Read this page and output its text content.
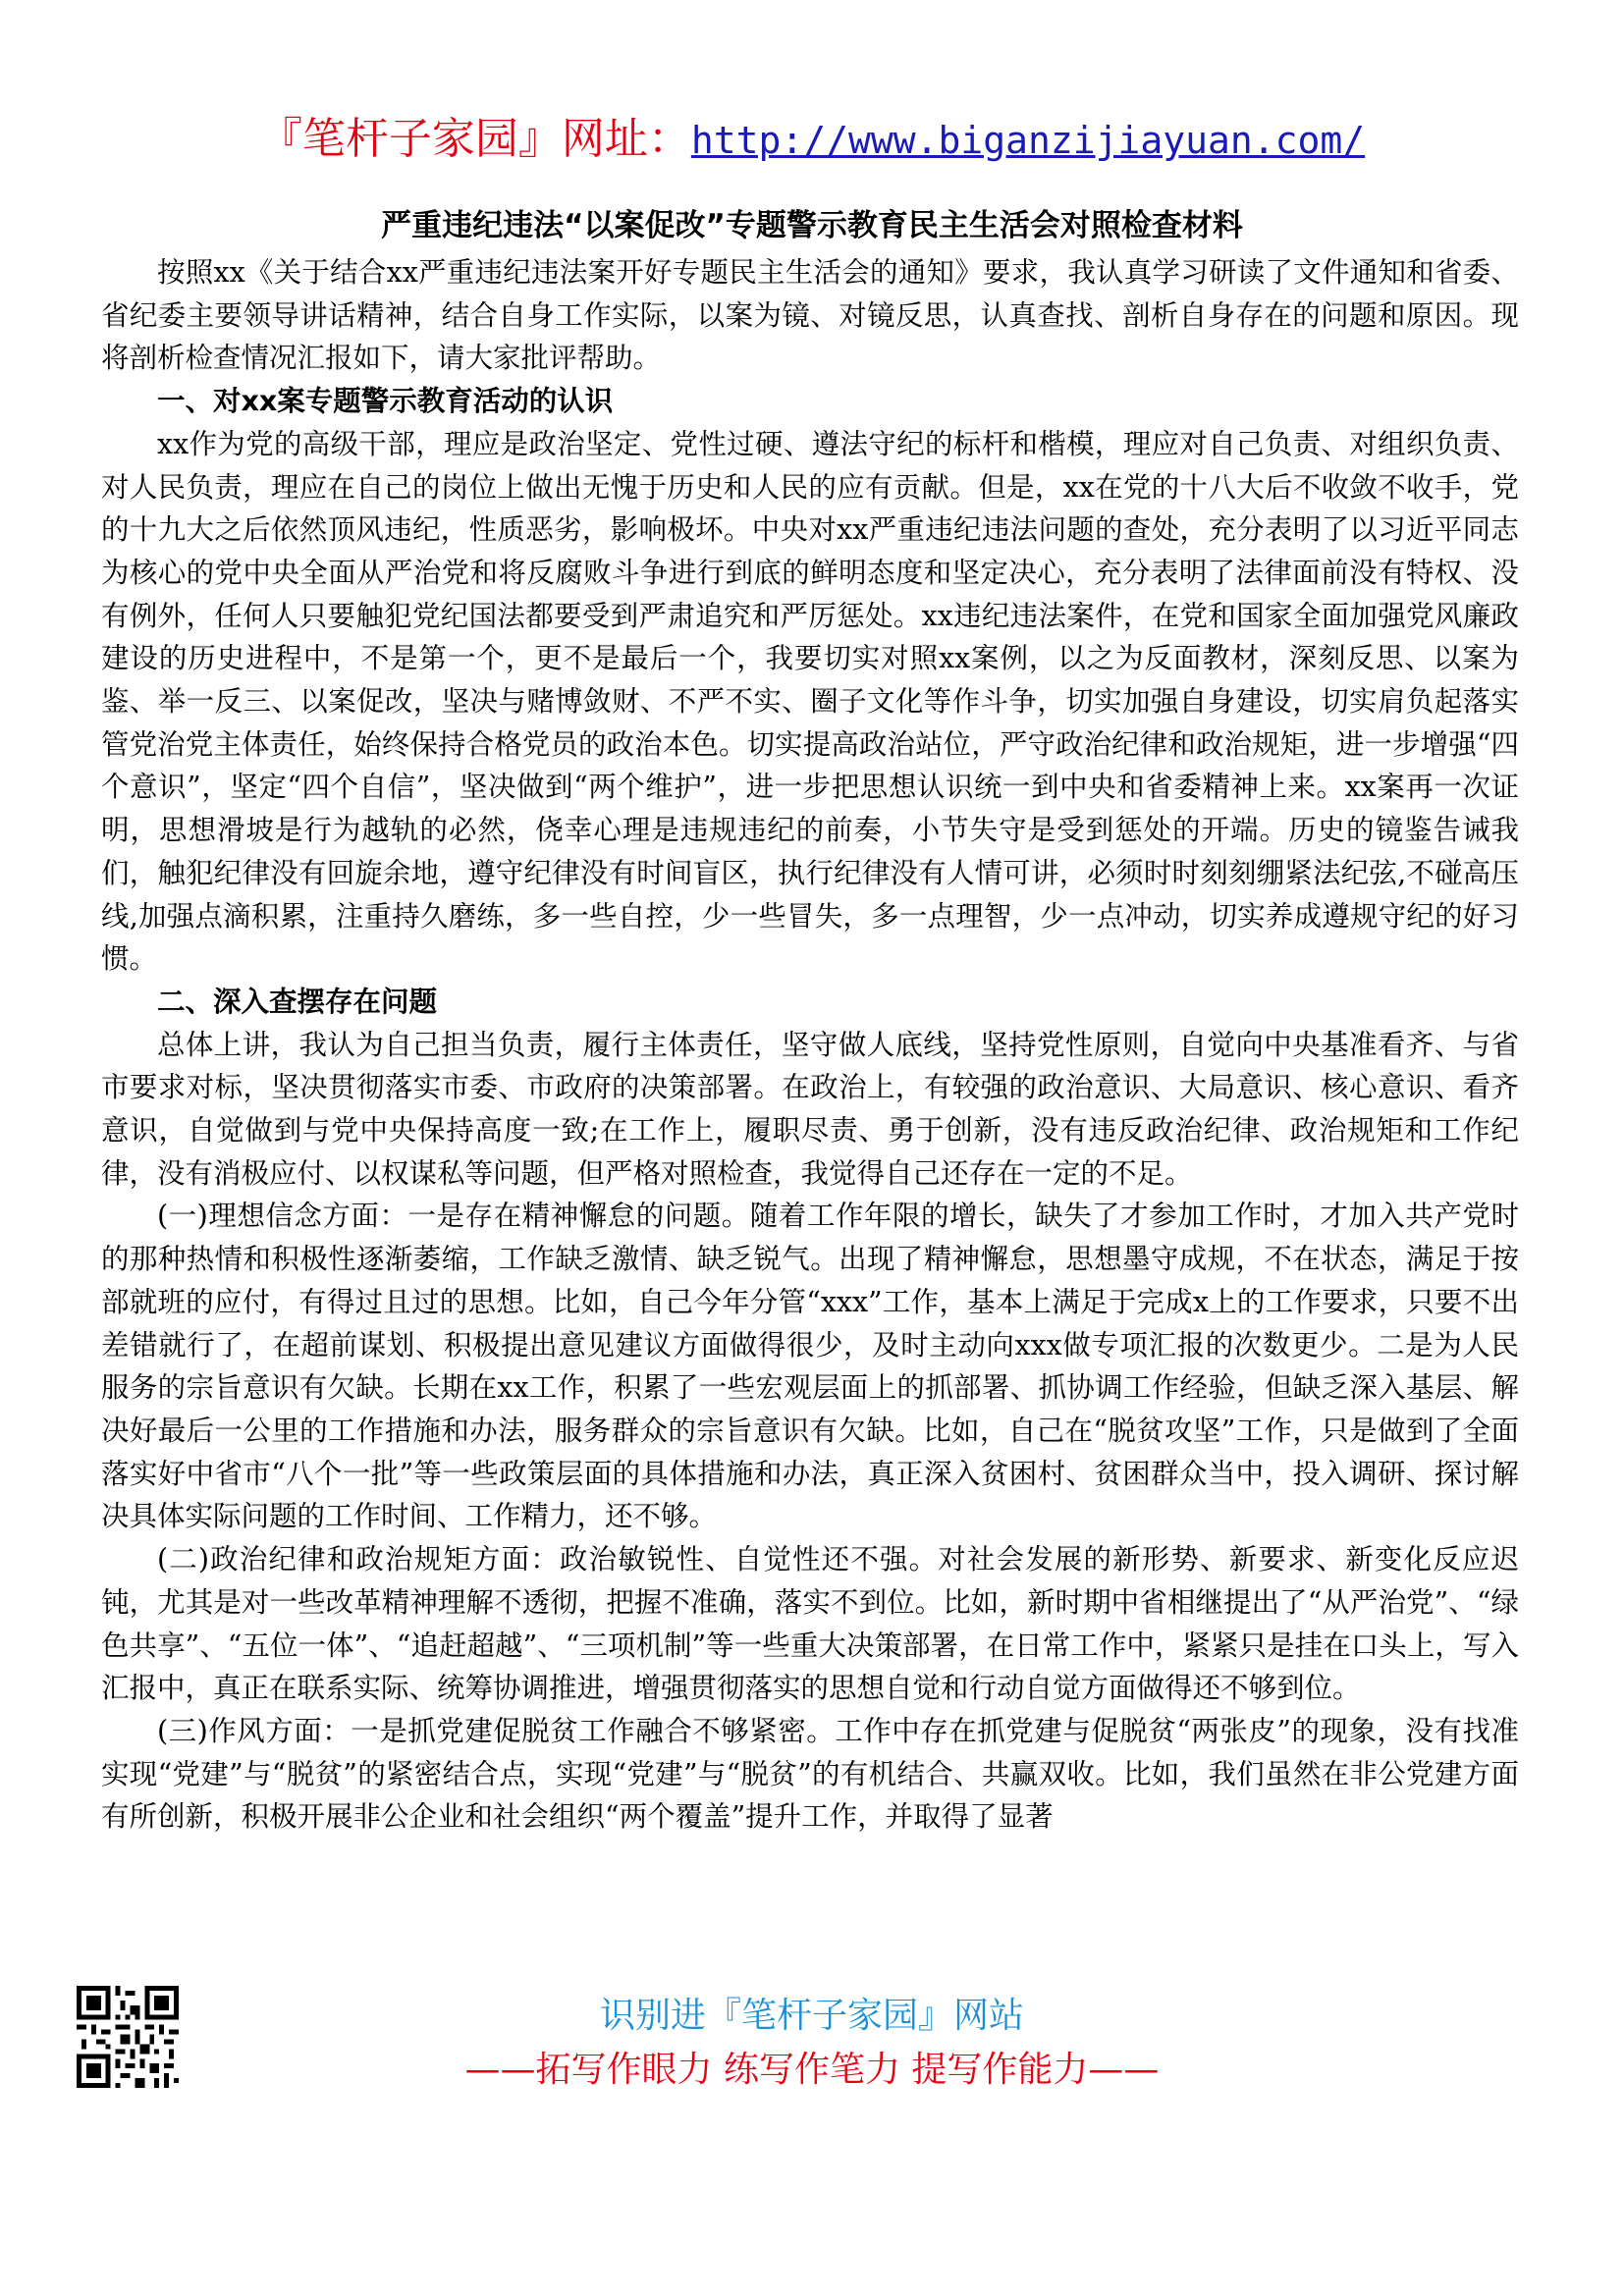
『笔杆子家园』网址：http://www.biganzijiayuan.com/
严重违纪违法“以案促改”专题警示教育民主生活会对照检查材料

按照xx《关于结合xx严重违纪违法案开好专题民主生活会的通知》要求，我认真学习研读了文件通知和省委、省纪委主要领导讲话精神，结合自身工作实际，以案为镜、对镜反思，认真查找、剖析自身存在的问题和原因。现将剖析检查情况汇报如下，请大家批评帮助。

一、对xx案专题警示教育活动的认识

xx作为党的高级干部，理应是政治坚定、党性过硬、遵法守纪的标杆和楷模，理应对自己负责、对组织负责、对人民负责，理应在自己的岗位上做出无愧于历史和人民的应有贡献。但是，xx在党的十八大后不收敛不收手，党的十九大之后依然顶风违纪，性质恶劣，影响极坏。中央对xx严重违纪违法问题的查处，充分表明了以习近平同志为核心的党中央全面从严治党和将反腐败斗争进行到底的鲜明态度和坚定决心，充分表明了法律面前没有特权、没有例外，任何人只要触犯党纪国法都要受到严肃追究和严厉惩处。xx违纪违法案件，在党和国家全面加强党风廉政建设的历史进程中，不是第一个，更不是最后一个，我要切实对照xx案例，以之为反面教材，深刻反思、以案为鉴、举一反三、以案促改，坚决与赌博敛财、不严不实、圈子文化等作斗争，切实加强自身建设，切实肩负起落实管党治党主体责任，始终保持合格党员的政治本色。切实提高政治站位，严守政治纪律和政治规矩，进一步增强“四个意识”，坚定“四个自信”，坚决做到“两个维护”，进一步把思想认识统一到中央和省委精神上来。xx案再一次证明，思想滑坡是行为越轨的必然，侥幸心理是违规违纪的前奏，小节失守是受到惩处的开端。历史的镜鉴告诫我们，触犯纪律没有回旋余地，遵守纪律没有时间盲区，执行纪律没有人情可讲，必须时时刻刻绷紧法纪弦,不碰高压线,加强点滴积累，注重持久磨练，多一些自控，少一些冒失，多一点理智，少一点冲动，切实养成遵规守纪的好习惯。

二、深入查摆存在问题

总体上讲，我认为自己担当负责，履行主体责任，坚守做人底线，坚持党性原则，自觉向中央基准看齐、与省市要求对标，坚决贯彻落实市委、市政府的决策部署。在政治上，有较强的政治意识、大局意识、核心意识、看齐意识，自觉做到与党中央保持高度一致;在工作上，履职尽责、勇于创新，没有违反政治纪律、政治规矩和工作纪律，没有消极应付、以权谋私等问题，但严格对照检查，我觉得自己还存在一定的不足。

(一)理想信念方面：一是存在精神懈怠的问题。随着工作年限的增长，缺失了才参加工作时，才加入共产党时的那种热情和积极性逐渐萎缩，工作缺乏激情、缺乏锐气。出现了精神懈怠，思想墨守成规，不在状态，满足于按部就班的应付，有得过且过的思想。比如，自己今年分管“xxx”工作，基本上满足于完成x上的工作要求，只要不出差错就行了，在超前谋划、积极提出意见建议方面做得很少，及时主动向xxx做专项汇报的次数更少。二是为人民服务的宗旨意识有欠缺。长期在xx工作，积累了一些宏观层面上的抓部署、抓协调工作经验，但缺乏深入基层、解决好最后一公里的工作措施和办法，服务群众的宗旨意识有欠缺。比如，自己在“脱贫攻坚”工作，只是做到了全面落实好中省市“八个一批”等一些政策层面的具体措施和办法，真正深入贫困村、贫困群众当中，投入调研、探讨解决具体实际问题的工作时间、工作精力，还不够。

(二)政治纪律和政治规矩方面：政治敏锐性、自觉性还不强。对社会发展的新形势、新要求、新变化反应迟钝，尤其是对一些改革精神理解不透彻，把握不准确，落实不到位。比如，新时期中省相继提出了“从严治党”、“绿色共享”、“五位一体”、“追赶超越”、“三项机制”等一些重大决策部署，在日常工作中，紧紧只是挂在口头上，写入汇报中，真正在联系实际、统筹协调推进，增强贯彻落实的思想自觉和行动自觉方面做得还不够到位。

(三)作风方面：一是抓党建促脱贫工作融合不够紧密。工作中存在抓党建与促脱贫“两张皮”的现象，没有找准实现“党建”与“脱贫”的紧密结合点，实现“党建”与“脱贫”的有机结合、共赢双收。比如，我们虽然在非公党建方面有所创新，积极开展非公企业和社会组织“两个覆盖”提升工作，并取得了显著

识别进『笔杆子家园』网站
——拓写作眼力 练写作笔力 提写作能力——
